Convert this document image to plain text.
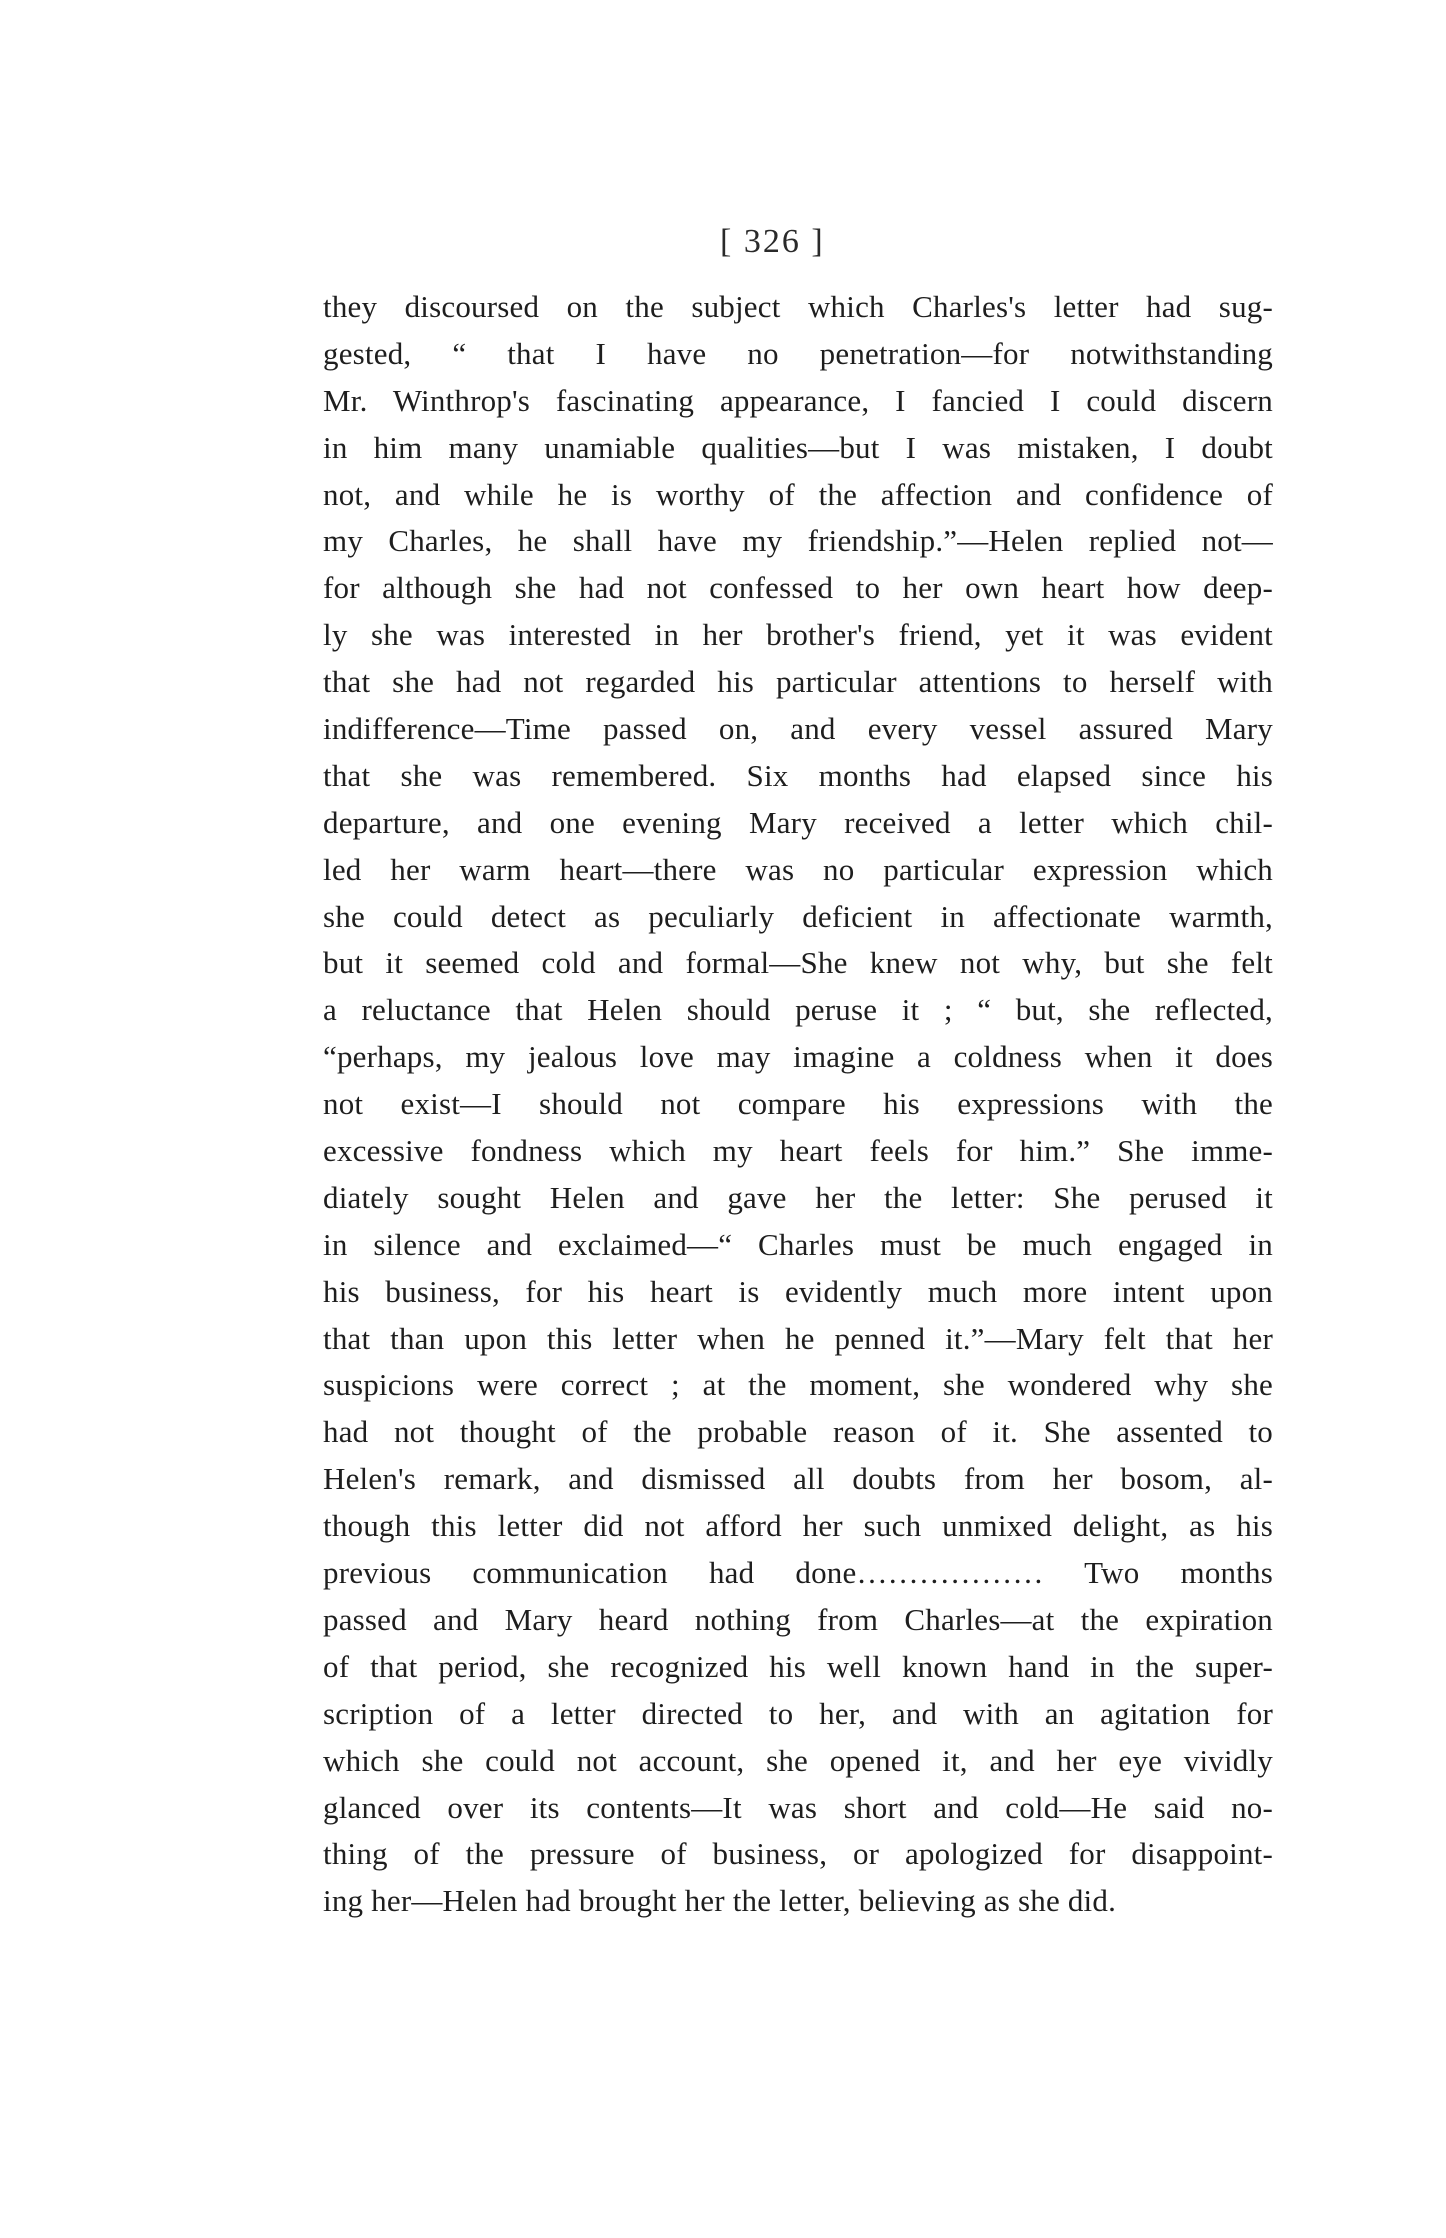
[ 326 ]

they discoursed on the subject which Charles's letter had sug-
gested, “ that I have no penetration—for notwithstanding
Mr. Winthrop's fascinating appearance, I fancied I could discern
in him many unamiable qualities—but I was mistaken, I doubt
not, and while he is worthy of the affection and confidence of
my Charles, he shall have my friendship.”—Helen replied not—
for although she had not confessed to her own heart how deep-
ly she was interested in her brother's friend, yet it was evident
that she had not regarded his particular attentions to herself with
indifference—Time passed on, and every vessel assured Mary
that she was remembered. Six months had elapsed since his
departure, and one evening Mary received a letter which chil-
led her warm heart—there was no particular expression which
she could detect as peculiarly deficient in affectionate warmth,
but it seemed cold and formal—She knew not why, but she felt
a reluctance that Helen should peruse it ; “ but, she reflected,
“perhaps, my jealous love may imagine a coldness when it does
not exist—I should not compare his expressions with the
excessive fondness which my heart feels for him.” She imme-
diately sought Helen and gave her the letter: She perused it
in silence and exclaimed—“ Charles must be much engaged in
his business, for his heart is evidently much more intent upon
that than upon this letter when he penned it.”—Mary felt that her
suspicions were correct ; at the moment, she wondered why she
had not thought of the probable reason of it. She assented to
Helen's remark, and dismissed all doubts from her bosom, al-
though this letter did not afford her such unmixed delight, as his
previous communication had done……………… Two months
passed and Mary heard nothing from Charles—at the expiration
of that period, she recognized his well known hand in the super-
scription of a letter directed to her, and with an agitation for
which she could not account, she opened it, and her eye vividly
glanced over its contents—It was short and cold—He said no-
thing of the pressure of business, or apologized for disappoint-
ing her—Helen had brought her the letter, believing as she did.
